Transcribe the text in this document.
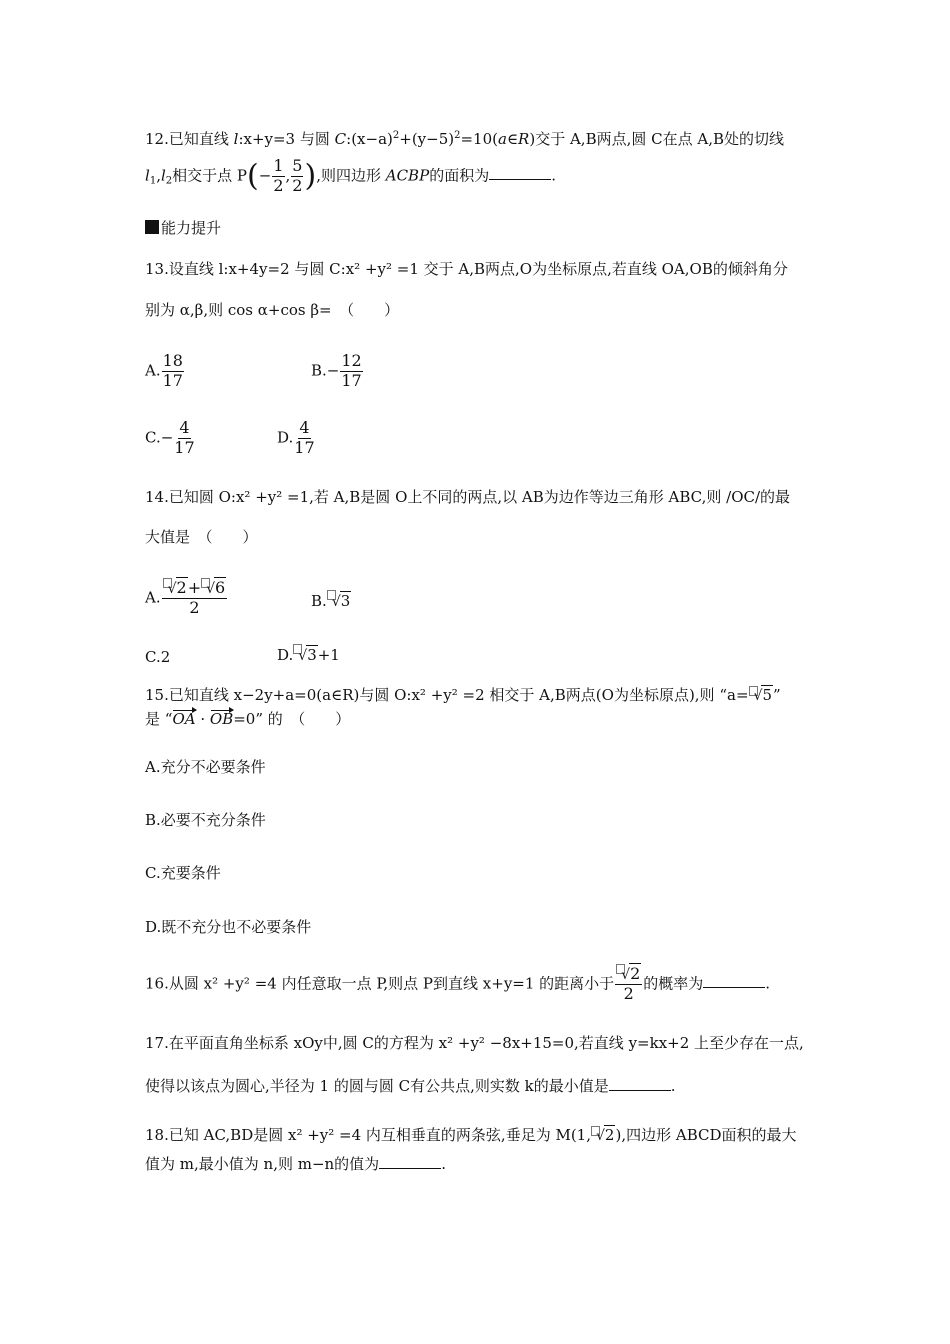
12.已知直线 l:x+y=3 与圆 $C:(x-a)^2+(y-5)^2=10(a\in R)$交于 A,B两点,圆 C在点 A,B处的切线
$l_1,l_2$相交于点 $P(- \frac{1}{2}$ , $\frac{5}{2}$ ),则四边形 ACBP的面积为	.
能力提升
13.设直线 l:x+4y=2 与圆 C:x² +y² =1 交于 A,B两点,O为坐标原点,若直线 OA,OB的倾斜角分
别为 α,β,则 cos α+cos β=　（　　）
A. $\frac{18}{17}$	$B.- \frac{12}{17}$
$C.- \frac{4}{17}$	D. $\frac{4}{17}$
14.已知圆 O:x² +y² =1,若 A,B是圆 O上不同的两点,以 AB为边作等边三角形 ABC,则 /OC/的最
大值是　（　　）
A. $\frac{√2+ √6}{2}$	B. √3
C.2	D. √3+1
15.已知直线 x−2y+a=0(a∈R)与圆 O:x² +y² =2 相交于 A,B两点(O为坐标原点),则 “a= √5”
是 “OA · OB=0” 的　（　　）
A.充分不必要条件
B.必要不充分条件
C.充要条件
D.既不充分也不必要条件
16.从圆 x² +y² =4 内任意取一点 P,则点 P到直线 x+y=1 的距离小于 $\frac{√2}{2}$ 的概率为	.
17.在平面直角坐标系 xOy中,圆 C的方程为 x² +y² −8x+15=0,若直线 y=kx+2 上至少存在一点,
使得以该点为圆心,半径为 1 的圆与圆 C有公共点,则实数 k的最小值是	.
18.已知 AC,BD是圆 x² +y² =4 内互相垂直的两条弦,垂足为 M(1, √2),四边形 ABCD面积的最大
值为 m,最小值为 n,则 m−n的值为	.
